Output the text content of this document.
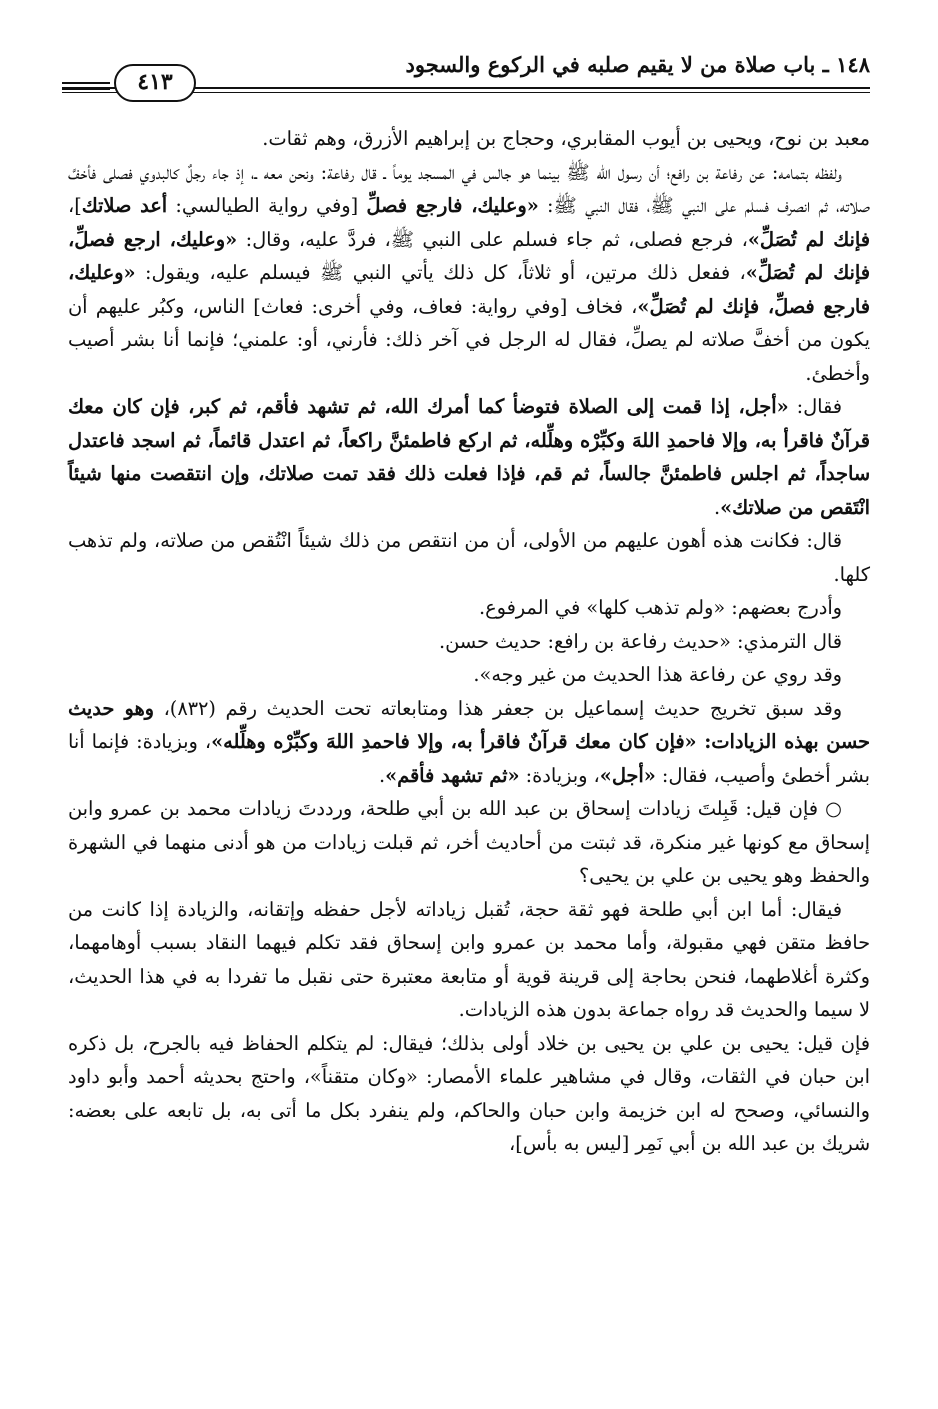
١٤٨ ـ باب صلاة من لا يقيم صلبه في الركوع والسجود
٤١٣

معبد بن نوح، ويحيى بن أيوب المقابري، وحجاج بن إبراهيم الأزرق، وهم ثقات.

ولفظه بتمامه: عن رفاعة بن رافع؛ أن رسول الله ﷺ بينما هو جالس في المسجد يوماً ـ قال رفاعة: ونحن معه ـ، إذ جاء رجلٌ كالبدوي فصلى فأخفَّ صلاته، ثم انصرف فسلم على النبي ﷺ، فقال النبي ﷺ: «وعليك، فارجع فصلِّ [وفي رواية الطيالسي: أعد صلاتك]، فإنك لم تُصَلِّ»، فرجع فصلى، ثم جاء فسلم على النبي ﷺ، فردَّ عليه، وقال: «وعليك، ارجع فصلِّ، فإنك لم تُصَلِّ»، ففعل ذلك مرتين، أو ثلاثاً، كل ذلك يأتي النبي ﷺ فيسلم عليه، ويقول: «وعليك، فارجع فصلِّ، فإنك لم تُصَلِّ»، فخاف [وفي رواية: فعاف، وفي أخرى: فعاث] الناس، وكبُر عليهم أن يكون من أخفَّ صلاته لم يصلِّ، فقال له الرجل في آخر ذلك: فأرني، أو: علمني؛ فإنما أنا بشر أصيب وأخطئ.

فقال: «أجل، إذا قمت إلى الصلاة فتوضأ كما أمرك الله، ثم تشهد فأقم، ثم كبر، فإن كان معك قرآنٌ فاقرأ به، وإلا فاحمدِ اللهَ وكبِّرْه وهلِّله، ثم اركع فاطمئنَّ راكعاً، ثم اعتدل قائماً، ثم اسجد فاعتدل ساجداً، ثم اجلس فاطمئنَّ جالساً، ثم قم، فإذا فعلت ذلك فقد تمت صلاتك، وإن انتقصت منها شيئاً انْتَقص من صلاتك».

قال: فكانت هذه أهون عليهم من الأولى، أن من انتقص من ذلك شيئاً انْتُقص من صلاته، ولم تذهب كلها.

وأدرج بعضهم: «ولم تذهب كلها» في المرفوع.

قال الترمذي: «حديث رفاعة بن رافع: حديث حسن.

وقد روي عن رفاعة هذا الحديث من غير وجه».

وقد سبق تخريج حديث إسماعيل بن جعفر هذا ومتابعاته تحت الحديث رقم (٨٣٢)، وهو حديث حسن بهذه الزيادات: «فإن كان معك قرآنٌ فاقرأ به، وإلا فاحمدِ اللهَ وكبِّرْه وهلِّله»، وبزيادة: فإنما أنا بشر أخطئ وأصيب، فقال: «أجل»، وبزيادة: «ثم تشهد فأقم».

○ فإن قيل: قَبِلتَ زيادات إسحاق بن عبد الله بن أبي طلحة، ورددتَ زيادات محمد بن عمرو وابن إسحاق مع كونها غير منكرة، قد ثبتت من أحاديث أخر، ثم قبلت زيادات من هو أدنى منهما في الشهرة والحفظ وهو يحيى بن علي بن يحيى؟

فيقال: أما ابن أبي طلحة فهو ثقة حجة، تُقبل زياداته لأجل حفظه وإتقانه، والزيادة إذا كانت من حافظ متقن فهي مقبولة، وأما محمد بن عمرو وابن إسحاق فقد تكلم فيهما النقاد بسبب أوهامهما، وكثرة أغلاطهما، فنحن بحاجة إلى قرينة قوية أو متابعة معتبرة حتى نقبل ما تفردا به في هذا الحديث، لا سيما والحديث قد رواه جماعة بدون هذه الزيادات.

فإن قيل: يحيى بن علي بن يحيى بن خلاد أولى بذلك؛ فيقال: لم يتكلم الحفاظ فيه بالجرح، بل ذكره ابن حبان في الثقات، وقال في مشاهير علماء الأمصار: «وكان متقناً»، واحتج بحديثه أحمد وأبو داود والنسائي، وصحح له ابن خزيمة وابن حبان والحاكم، ولم ينفرد بكل ما أتى به، بل تابعه على بعضه: شريك بن عبد الله بن أبي نَمِر [ليس به بأس]،
